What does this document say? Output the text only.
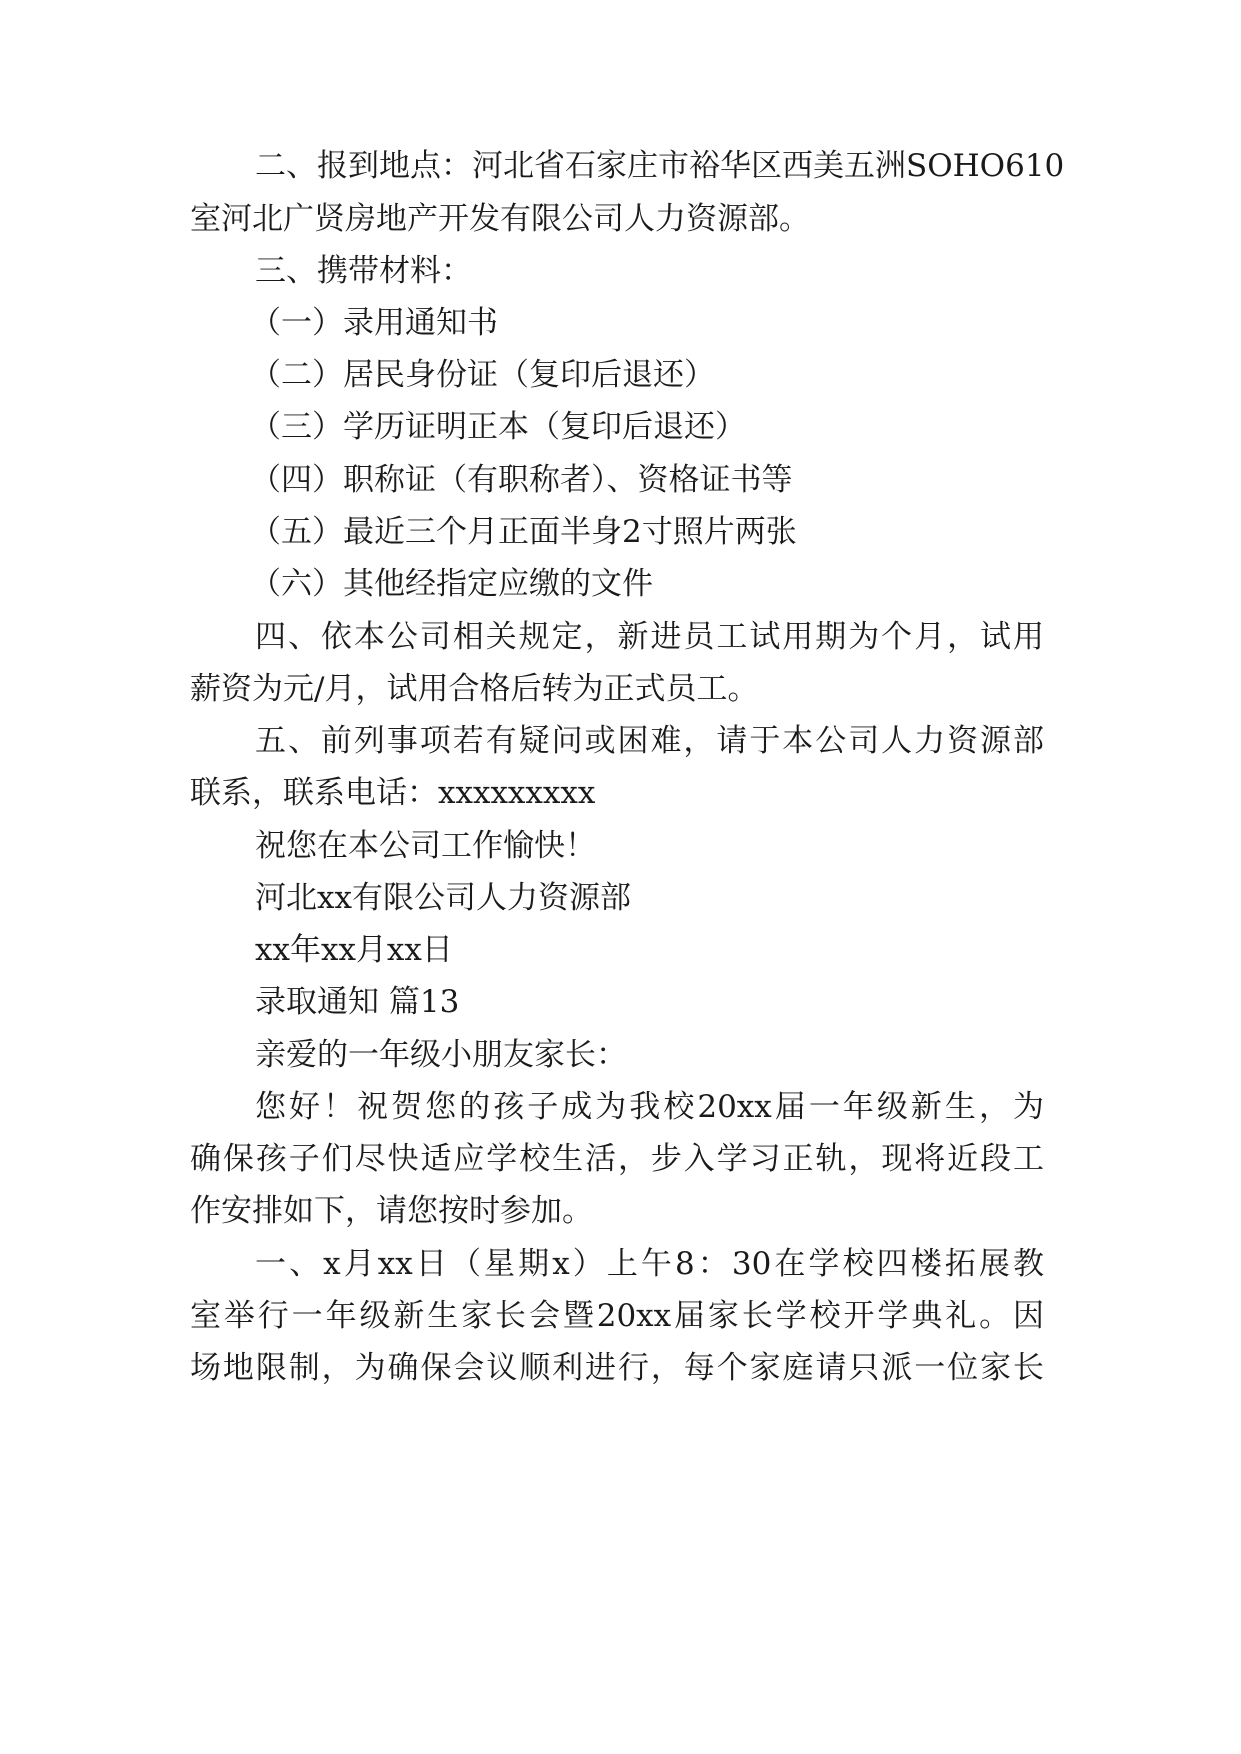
二、报到地点：河北省石家庄市裕华区西美五洲SOHO610

室河北广贤房地产开发有限公司人力资源部。

三、携带材料：

（一）录用通知书

（二）居民身份证（复印后退还）

（三）学历证明正本（复印后退还）

（四）职称证（有职称者）、资格证书等

（五）最近三个月正面半身2寸照片两张

（六）其他经指定应缴的文件

四、依本公司相关规定，新进员工试用期为个月，试用

薪资为元/月，试用合格后转为正式员工。

五、前列事项若有疑问或困难，请于本公司人力资源部

联系，联系电话：xxxxxxxxx

祝您在本公司工作愉快！

河北xx有限公司人力资源部

xx年xx月xx日

录取通知 篇13

亲爱的一年级小朋友家长：

您好！祝贺您的孩子成为我校20xx届一年级新生，为

确保孩子们尽快适应学校生活，步入学习正轨，现将近段工

作安排如下，请您按时参加。

一、x月xx日（星期x）上午8：30在学校四楼拓展教

室举行一年级新生家长会暨20xx届家长学校开学典礼。因

场地限制，为确保会议顺利进行，每个家庭请只派一位家长
